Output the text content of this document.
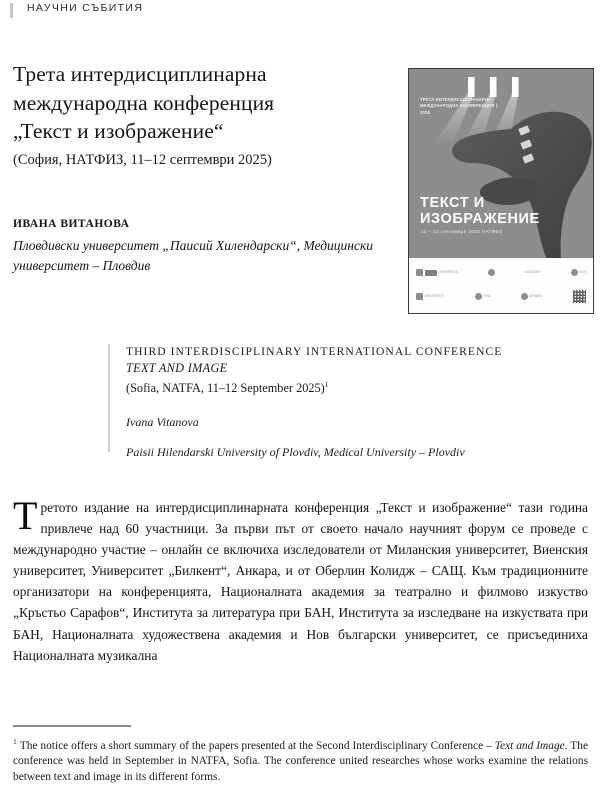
НАУЧНИ СЪБИТИЯ
Трета интердисциплинарна
международна конференция
„Текст и изображение“
(София, НАТФИЗ, 11–12 септември 2025)
ИВАНА ВИТАНОВА
Пловдивски университет „Паисий Хилендарски“, Медицински университет – Пловдив
ТРЕТА ИНТЕРДИСЦИПЛИНАРНА МЕЖДУНАРОДНА КОНФЕРЕНЦИЯ | 2025
ТЕКСТ И
ИЗОБРАЖЕНИЕ
11 – 12 септември 2025 НАТФИЗ
UNIVERSITA	ACADEMY	БАН
UNIVERSITY	НХА	МУЗИКА
THIRD INTERDISCIPLINARY INTERNATIONAL CONFERENCE
TEXT AND IMAGE
(Sofia, NATFA, 11–12 September 2025)$^1$
Ivana Vitanova
Paisii Hilendarski University of Plovdiv, Medical University – Plovdiv
Третото издание на интердисциплинарната конференция „Текст и изображение“ тази година привлече над 60 участници. За първи път от своето начало научният форум се проведе с международно участие – онлайн се включиха изследователи от Миланския университет, Виенския университет, Университет „Билкент“, Анкара, и от Оберлин Колидж – САЩ. Към традиционните организатори на конференцията, Националната академия за театрално и филмово изкуство „Кръстьо Сарафов“, Института за литература при БАН, Института за изследване на изкуствата при БАН, Националната художествена академия и Нов български университет, се присъединиха Националната музикална
$^1$ The notice offers a short summary of the papers presented at the Second Interdisciplinary Conference – Text and Image. The conference was held in September in NATFA, Sofia. The conference united researches whose works examine the relations between text and image in its different forms.
